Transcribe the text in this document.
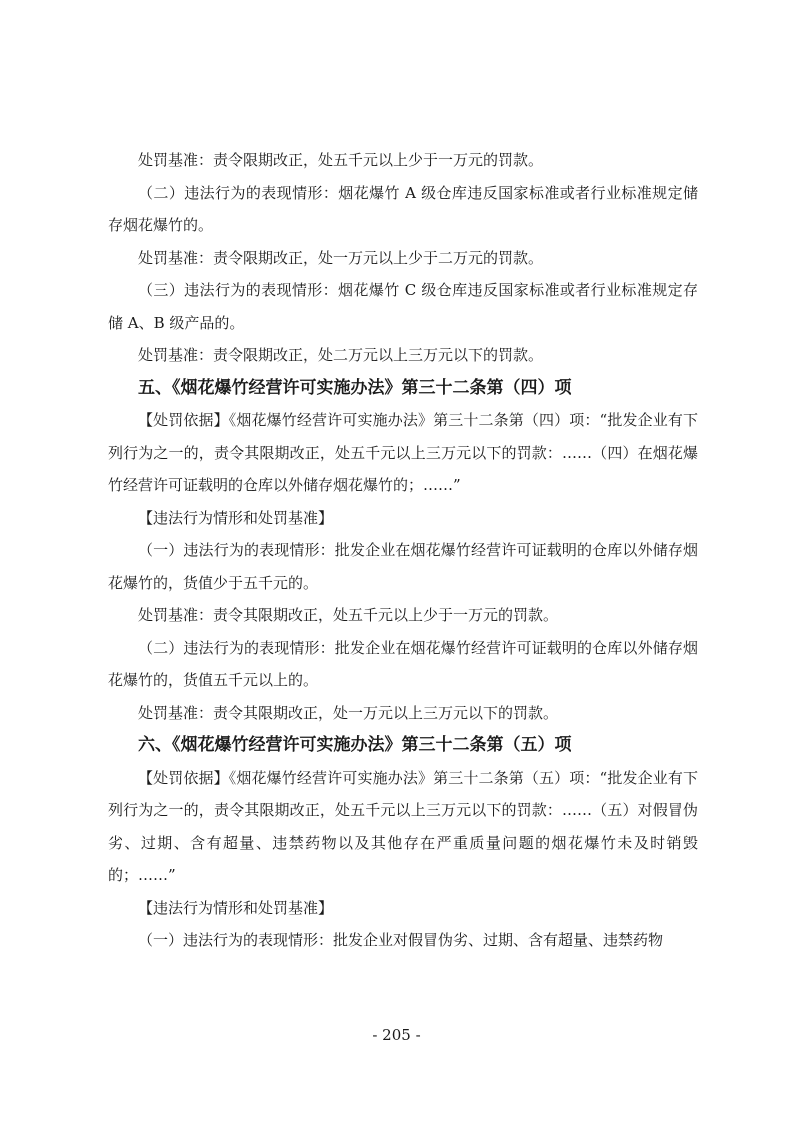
处罚基准：责令限期改正，处五千元以上少于一万元的罚款。

（二）违法行为的表现情形：烟花爆竹 A 级仓库违反国家标准或者行业标准规定储存烟花爆竹的。

处罚基准：责令限期改正，处一万元以上少于二万元的罚款。

（三）违法行为的表现情形：烟花爆竹 C 级仓库违反国家标准或者行业标准规定存储 A、B 级产品的。

处罚基准：责令限期改正，处二万元以上三万元以下的罚款。

五、《烟花爆竹经营许可实施办法》第三十二条第（四）项

【处罚依据】《烟花爆竹经营许可实施办法》第三十二条第（四）项：“批发企业有下列行为之一的，责令其限期改正，处五千元以上三万元以下的罚款：……（四）在烟花爆竹经营许可证载明的仓库以外储存烟花爆竹的；……”

【违法行为情形和处罚基准】

（一）违法行为的表现情形：批发企业在烟花爆竹经营许可证载明的仓库以外储存烟花爆竹的，货值少于五千元的。

处罚基准：责令其限期改正，处五千元以上少于一万元的罚款。

（二）违法行为的表现情形：批发企业在烟花爆竹经营许可证载明的仓库以外储存烟花爆竹的，货值五千元以上的。

处罚基准：责令其限期改正，处一万元以上三万元以下的罚款。

六、《烟花爆竹经营许可实施办法》第三十二条第（五）项

【处罚依据】《烟花爆竹经营许可实施办法》第三十二条第（五）项：“批发企业有下列行为之一的，责令其限期改正，处五千元以上三万元以下的罚款：……（五）对假冒伪劣、过期、含有超量、违禁药物以及其他存在严重质量问题的烟花爆竹未及时销毁的；……”

【违法行为情形和处罚基准】

（一）违法行为的表现情形：批发企业对假冒伪劣、过期、含有超量、违禁药物

- 205 -
